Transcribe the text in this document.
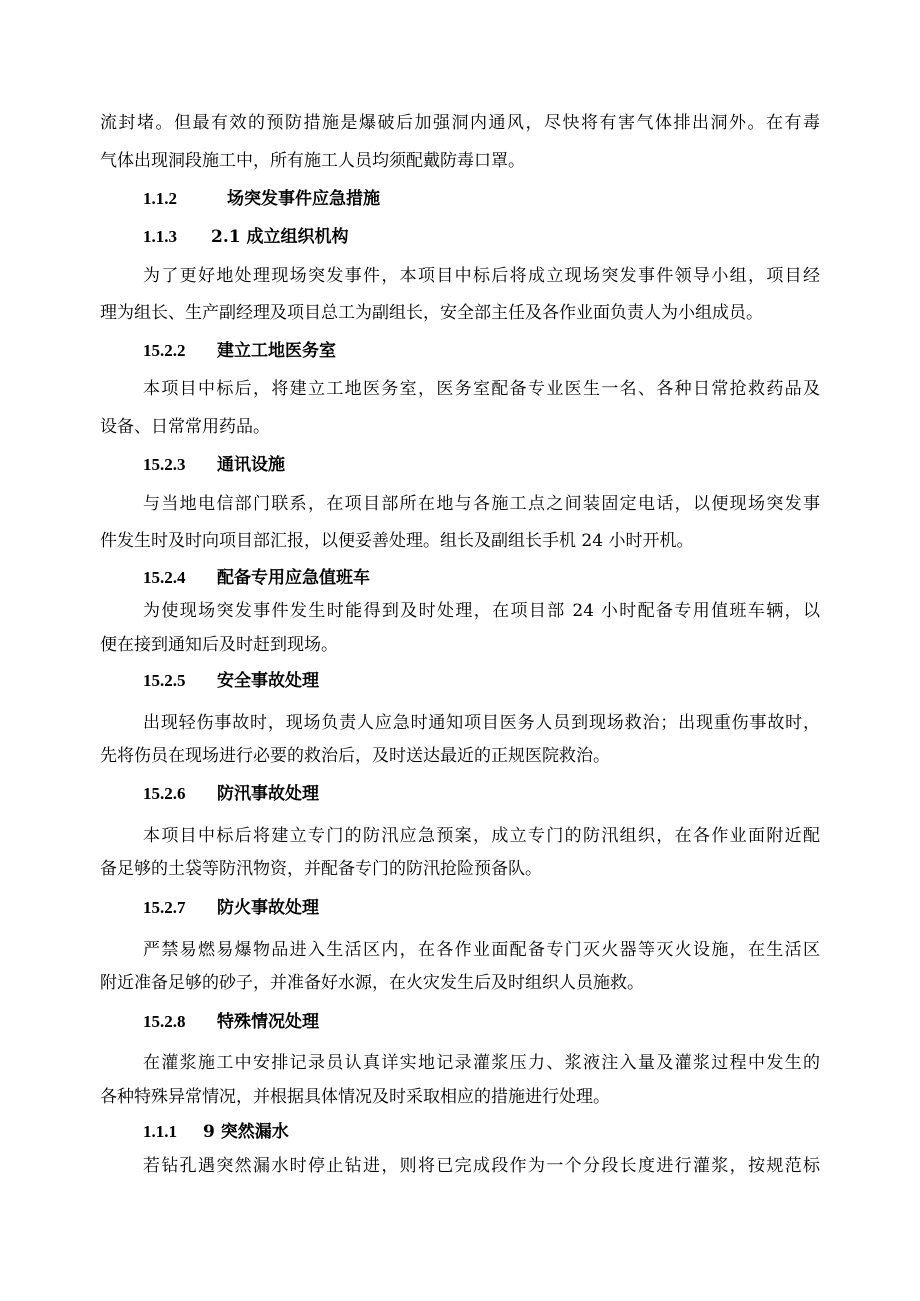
流封堵。但最有效的预防措施是爆破后加强洞内通风，尽快将有害气体排出洞外。在有毒
气体出现洞段施工中，所有施工人员均须配戴防毒口罩。
1.1.2	场突发事件应急措施
1.1.3 2.1 成立组织机构
为了更好地处理现场突发事件，本项目中标后将成立现场突发事件领导小组，项目经
理为组长、生产副经理及项目总工为副组长，安全部主任及各作业面负责人为小组成员。
15.2.2 建立工地医务室
本项目中标后，将建立工地医务室，医务室配备专业医生一名、各种日常抢救药品及
设备、日常常用药品。
15.2.3 通讯设施
与当地电信部门联系，在项目部所在地与各施工点之间装固定电话，以便现场突发事
件发生时及时向项目部汇报，以便妥善处理。组长及副组长手机 24 小时开机。
15.2.4 配备专用应急值班车
为使现场突发事件发生时能得到及时处理，在项目部 24 小时配备专用值班车辆，以
便在接到通知后及时赶到现场。
15.2.5 安全事故处理
出现轻伤事故时，现场负责人应急时通知项目医务人员到现场救治；出现重伤事故时，
先将伤员在现场进行必要的救治后，及时送达最近的正规医院救治。
15.2.6 防汛事故处理
本项目中标后将建立专门的防汛应急预案，成立专门的防汛组织，在各作业面附近配
备足够的土袋等防汛物资，并配备专门的防汛抢险预备队。
15.2.7 防火事故处理
严禁易燃易爆物品进入生活区内，在各作业面配备专门灭火器等灭火设施，在生活区
附近准备足够的砂子，并准备好水源，在火灾发生后及时组织人员施救。
15.2.8 特殊情况处理
在灌浆施工中安排记录员认真详实地记录灌浆压力、浆液注入量及灌浆过程中发生的
各种特殊异常情况，并根据具体情况及时采取相应的措施进行处理。
1.1.1 9 突然漏水
若钻孔遇突然漏水时停止钻进，则将已完成段作为一个分段长度进行灌浆，按规范标
